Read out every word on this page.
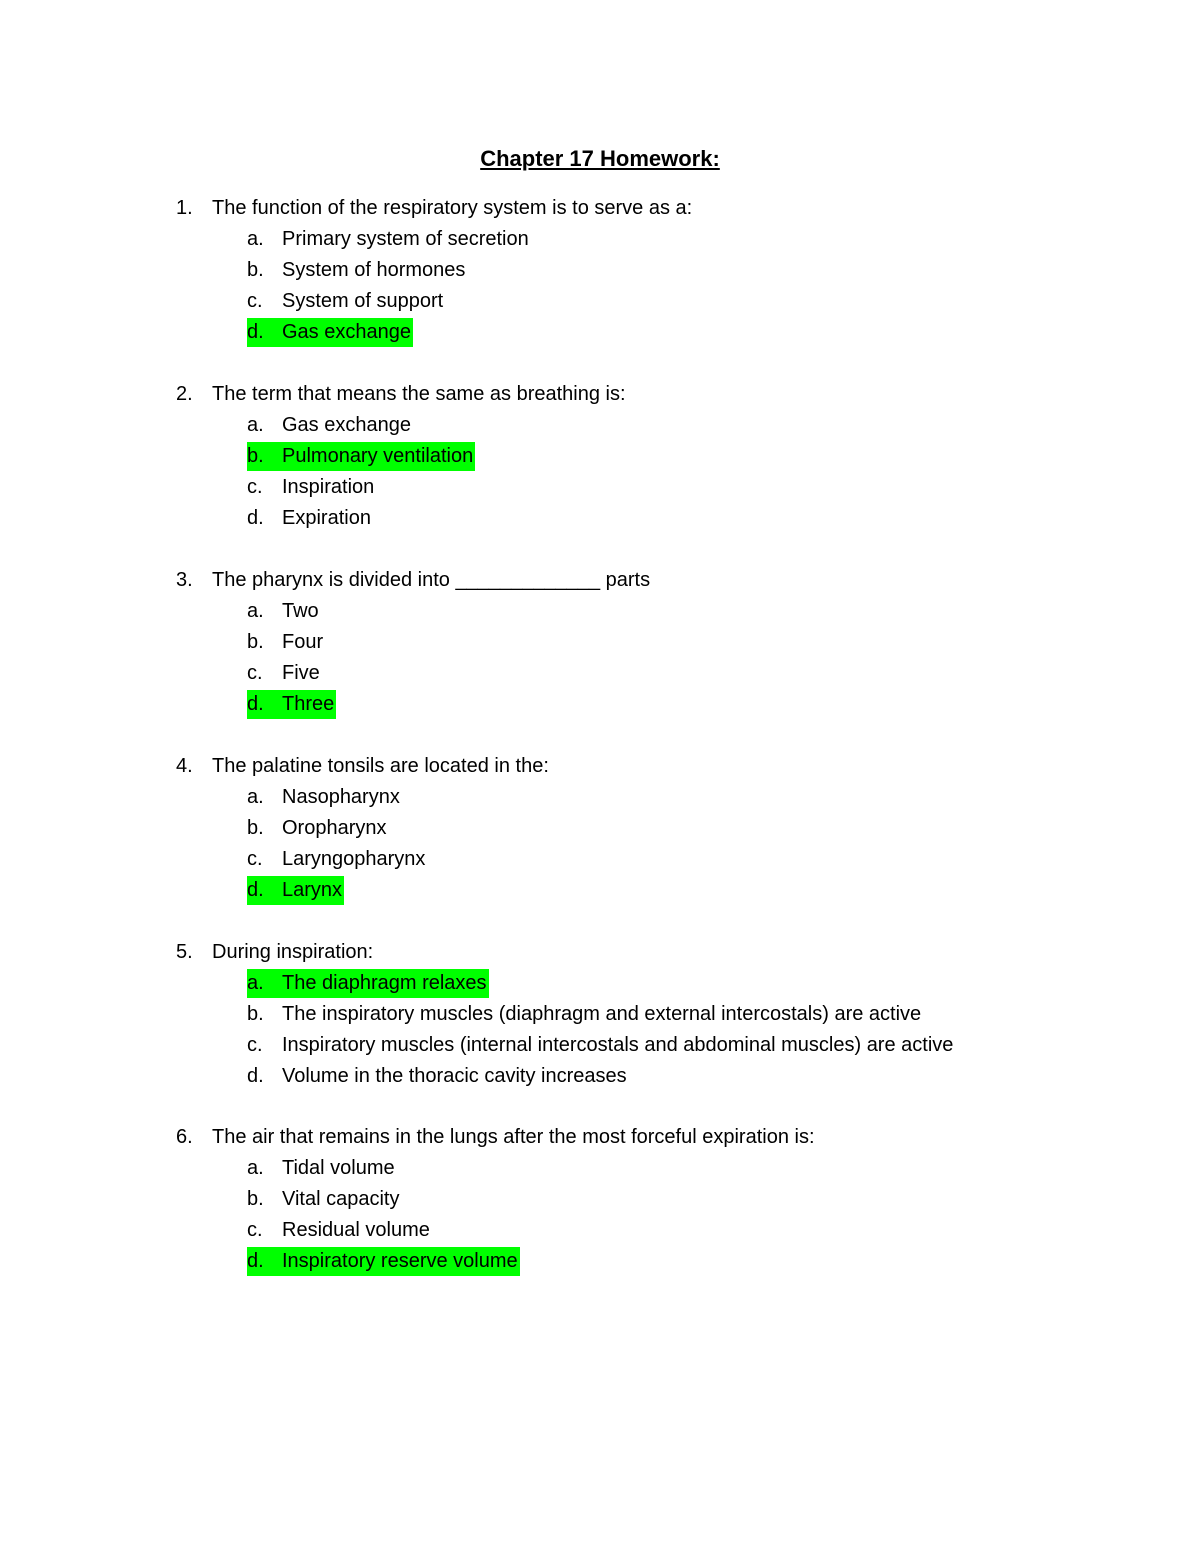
Chapter 17 Homework:
1. The function of the respiratory system is to serve as a:
a. Primary system of secretion
b. System of hormones
c. System of support
d. Gas exchange
2. The term that means the same as breathing is:
a. Gas exchange
b. Pulmonary ventilation
c. Inspiration
d. Expiration
3. The pharynx is divided into _____________ parts
a. Two
b. Four
c. Five
d. Three
4. The palatine tonsils are located in the:
a. Nasopharynx
b. Oropharynx
c. Laryngopharynx
d. Larynx
5. During inspiration:
a. The diaphragm relaxes
b. The inspiratory muscles (diaphragm and external intercostals) are active
c. Inspiratory muscles (internal intercostals and abdominal muscles) are active
d. Volume in the thoracic cavity increases
6. The air that remains in the lungs after the most forceful expiration is:
a. Tidal volume
b. Vital capacity
c. Residual volume
d. Inspiratory reserve volume
